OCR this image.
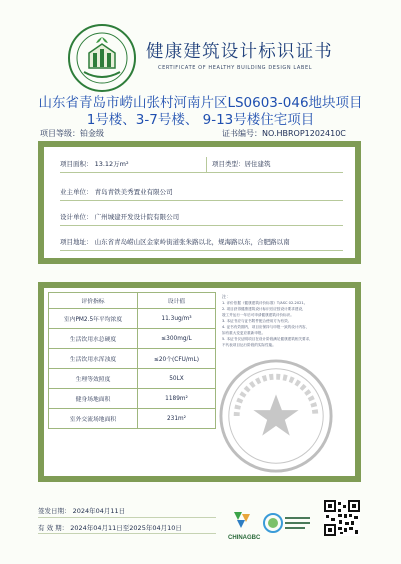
健康建筑设计标识证书
CERTIFICATE OF HEALTHY BUILDING DESIGN LABEL
山东省青岛市崂山张村河南片区LS0603-046地块项目
1号楼、3-7号楼、 9-13号楼住宅项目
项目等级：铂金级	证书编号：NO.HBROP1202410C
项目面积： 13.12万m²	项目类型：居住建筑
业主单位： 青岛青铁美秀置业有限公司
设计单位： 广州城建开发设计院有限公司
项目地址： 山东省青岛崂山区金家岭街道张朱路以北，规海路以东，合肥路以南
评价指标	设计值
室内PM2.5年平均浓度	11.3ug/m³
生活饮用水总硬度	≤300mg/L
生活饮用水浑浊度	≤20个(CFU/mL)
生理等效照度	50LX
健身场地面积	1189m²
室外交流场地面积	231m²
注：
1. 评价依据《健康建筑评价标准》T/ASC 02-2021。
2. 项目获得健康建筑设计标识后应按设计要求建设，
竣工并运行一年后可申请健康建筑评价标识。
3. 本证书应与证书附件配合使用方为有效。
4. 证书有效期内，项目应保持与申报一致的设计内容，
如有重大变更应重新申报。
5. 本证书仅证明项目在设计阶段满足健康建筑相关要求，
不代表项目运行阶段的实际性能。
签发日期： 2024年04月11日
有 效 期： 2024年04月11日至2025年04月10日
CHINAGBC
